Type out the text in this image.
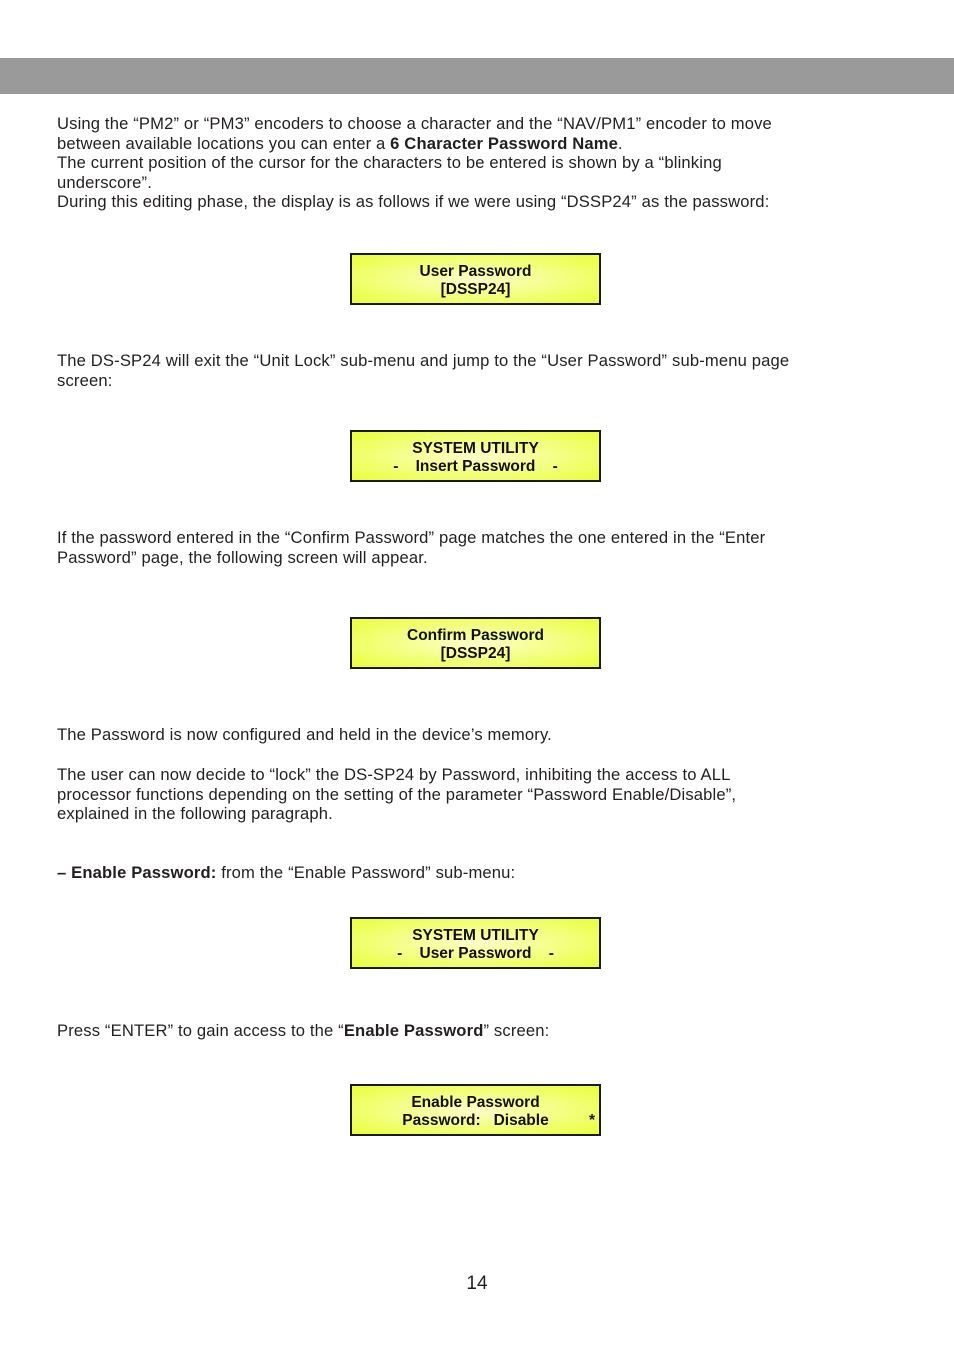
Using the “PM2” or “PM3” encoders to choose a character and the “NAV/PM1” encoder to move
between available locations you can enter a 6 Character Password Name.
The current position of the cursor for the characters to be entered is shown by a “blinking
underscore”.
During this editing phase, the display is as follows if we were using “DSSP24” as the password:

User Password
[DSSP24]

The DS-SP24 will exit the “Unit Lock” sub-menu and jump to the “User Password” sub-menu page
screen:

SYSTEM UTILITY
-    Insert Password    -

If the password entered in the “Confirm Password” page matches the one entered in the “Enter
Password” page, the following screen will appear.

Confirm Password
[DSSP24]

The Password is now configured and held in the device’s memory.

The user can now decide to “lock” the DS-SP24 by Password, inhibiting the access to ALL
processor functions depending on the setting of the parameter “Password Enable/Disable”,
explained in the following paragraph.

– Enable Password: from the “Enable Password” sub-menu:

SYSTEM UTILITY
-    User Password    -

Press “ENTER” to gain access to the “Enable Password” screen:

Enable Password
Password:   Disable	*
14
